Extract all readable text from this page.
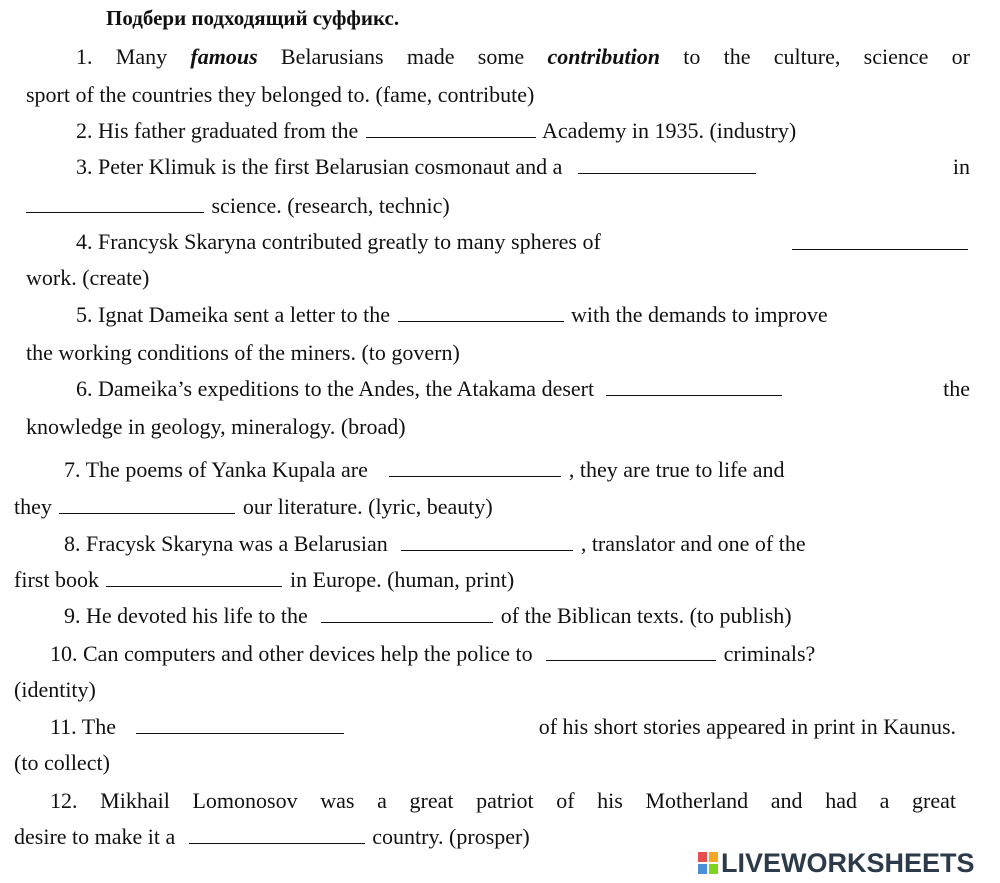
Подбери подходящий суффикс.
1. Many famous Belarusians made some contribution to the culture, science or
sport of the countries they belonged to. (fame, contribute)
2. His father graduated from the	Academy in 1935. (industry)
3. Peter Klimuk is the first Belarusian cosmonaut and a	in
science. (research, technic)
4. Francysk Skaryna contributed greatly to many spheres of
work. (create)
5. Ignat Dameika sent a letter to the	with the demands to improve
the working conditions of the miners. (to govern)
6. Dameika’s expeditions to the Andes, the Atakama desert	the
knowledge in geology, mineralogy. (broad)
7. The poems of Yanka Kupala are	, they are true to life and
they	our literature. (lyric, beauty)
8. Fracysk Skaryna was a Belarusian	, translator and one of the
first book	in Europe. (human, print)
9. He devoted his life to the	of the Biblican texts. (to publish)
10. Can computers and other devices help the police to	criminals?
(identity)
11. The	of his short stories appeared in print in Kaunus.
(to collect)
12. Mikhail Lomonosov was a great patriot of his Motherland and had a great
desire to make it a	country. (prosper)
LIVEWORKSHEETS
